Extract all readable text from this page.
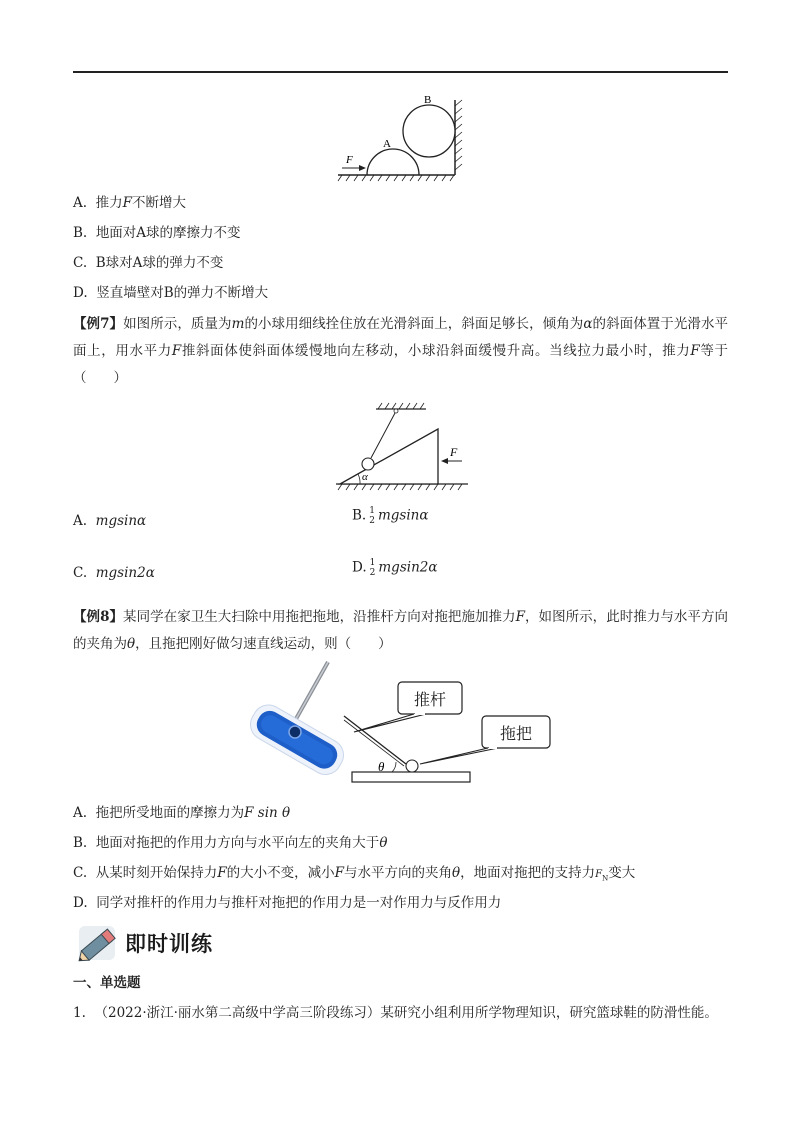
F
A
B
A. 推力F不断增大
B. 地面对A球的摩擦力不变
C. B球对A球的弹力不变
D. 竖直墙壁对B的弹力不断增大
【例7】如图所示，质量为m的小球用细线拴住放在光滑斜面上，斜面足够长，倾角为α的斜面体置于光滑水平面上，用水平力F推斜面体使斜面体缓慢地向左移动，小球沿斜面缓慢升高。当线拉力最小时，推力F等于（　　）
α
F
A. mgsinα	B. 1
2 mgsinα
C. mgsin2α	D. 1
2 mgsin2α
【例8】某同学在家卫生大扫除中用拖把拖地，沿推杆方向对拖把施加推力F，如图所示，此时推力与水平方向的夹角为θ，且拖把刚好做匀速直线运动，则（　　）
θ
推杆
拖把
A. 拖把所受地面的摩擦力为F sin θ
B. 地面对拖把的作用力方向与水平向左的夹角大于θ
C. 从某时刻开始保持力F的大小不变，减小F与水平方向的夹角θ，地面对拖把的支持力$F_N$变大
D. 同学对推杆的作用力与推杆对拖把的作用力是一对作用力与反作用力
即时训练
一、单选题
1. （2022·浙江·丽水第二高级中学高三阶段练习）某研究小组利用所学物理知识，研究篮球鞋的防滑性能。
